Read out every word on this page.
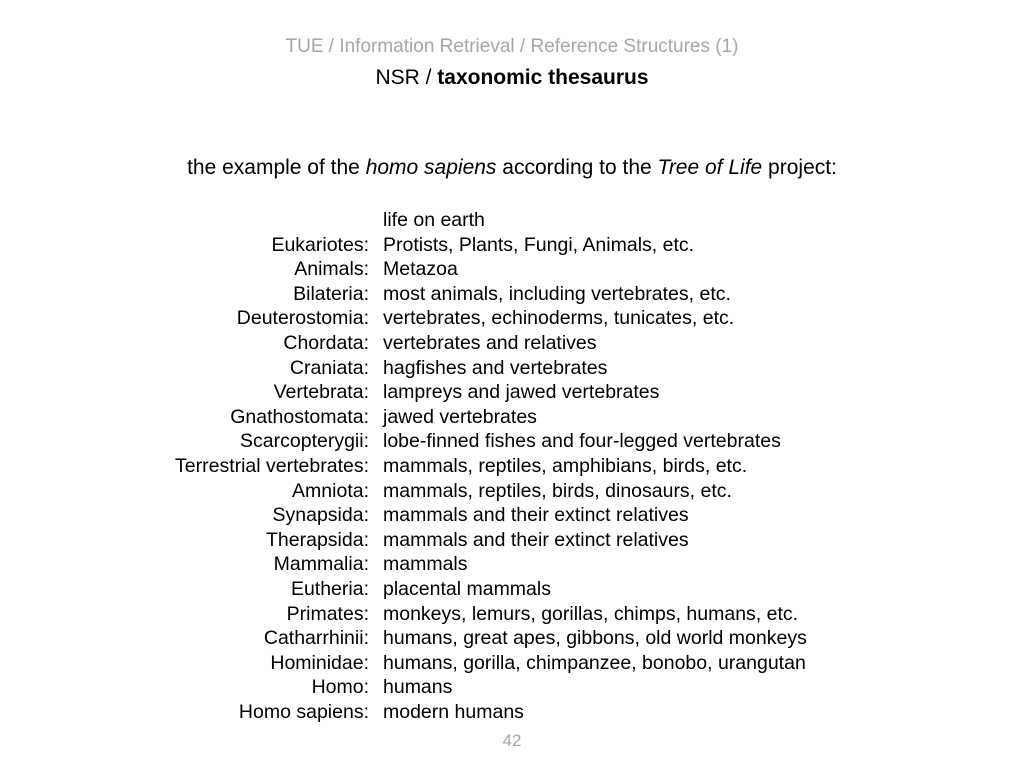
TUE / Information Retrieval / Reference Structures (1)
NSR / taxonomic thesaurus
the example of the homo sapiens according to the Tree of Life project:
life on earth
Eukariotes: Protists, Plants, Fungi, Animals, etc.
Animals: Metazoa
Bilateria: most animals, including vertebrates, etc.
Deuterostomia: vertebrates, echinoderms, tunicates, etc.
Chordata: vertebrates and relatives
Craniata: hagfishes and vertebrates
Vertebrata: lampreys and jawed vertebrates
Gnathostomata: jawed vertebrates
Scarcopterygii: lobe-finned fishes and four-legged vertebrates
Terrestrial vertebrates: mammals, reptiles, amphibians, birds, etc.
Amniota: mammals, reptiles, birds, dinosaurs, etc.
Synapsida: mammals and their extinct relatives
Therapsida: mammals and their extinct relatives
Mammalia: mammals
Eutheria: placental mammals
Primates: monkeys, lemurs, gorillas, chimps, humans, etc.
Catharrhinii: humans, great apes, gibbons, old world monkeys
Hominidae: humans, gorilla, chimpanzee, bonobo, urangutan
Homo: humans
Homo sapiens: modern humans
42
